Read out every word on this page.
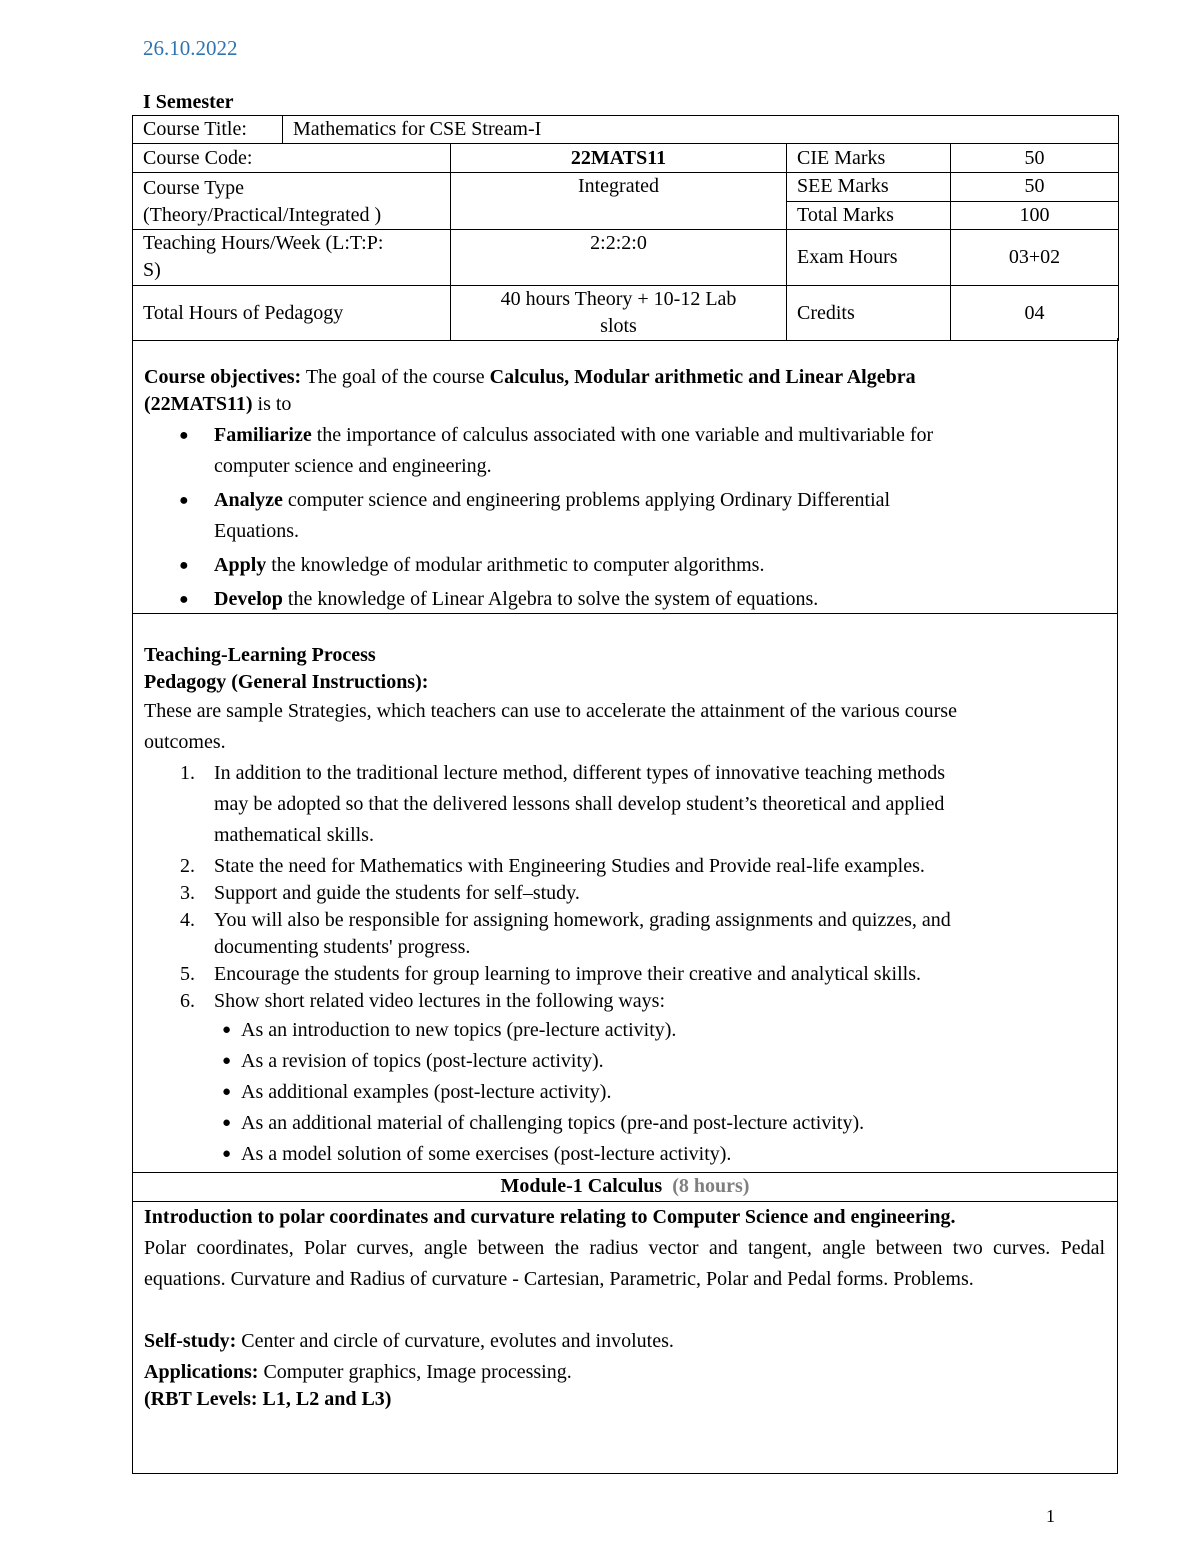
26.10.2022
I Semester
Course Title:	Mathematics for CSE Stream-I			
Course Code:		22MATS11	CIE Marks	50

Course Type
(Theory/Practical/Integrated )		Integrated	SEE Marks	50
			Total Marks	100

Teaching Hours/Week (L:T:P:
S)		2:2:2:0	Exam Hours	03+02
Total Hours of Pedagogy		40 hours Theory + 10-12 Lab
slots	Credits	04

Course objectives: The goal of the course Calculus, Modular arithmetic and Linear Algebra

(22MATS11) is to

● Familiarize the importance of calculus associated with one variable and multivariable for
computer science and engineering.
● Analyze computer science and engineering problems applying Ordinary Differential
Equations.
● Apply the knowledge of modular arithmetic to computer algorithms.
● Develop the knowledge of Linear Algebra to solve the system of equations.

Teaching-Learning Process

Pedagogy (General Instructions):

These are sample Strategies, which teachers can use to accelerate the attainment of the various course

outcomes.

1. In addition to the traditional lecture method, different types of innovative teaching methods
may be adopted so that the delivered lessons shall develop student’s theoretical and applied
mathematical skills.
2. State the need for Mathematics with Engineering Studies and Provide real-life examples.
3. Support and guide the students for self–study.
4. You will also be responsible for assigning homework, grading assignments and quizzes, and
documenting students' progress.
5. Encourage the students for group learning to improve their creative and analytical skills.
6. Show short related video lectures in the following ways:
● As an introduction to new topics (pre-lecture activity).
● As a revision of topics (post-lecture activity).
● As additional examples (post-lecture activity).
● As an additional material of challenging topics (pre-and post-lecture activity).
● As a model solution of some exercises (post-lecture activity).
Module-1 Calculus (8 hours)

Introduction to polar coordinates and curvature relating to Computer Science and engineering.

Polar coordinates, Polar curves, angle between the radius vector and tangent, angle between two curves. Pedal equations. Curvature and Radius of curvature - Cartesian, Parametric, Polar and Pedal forms. Problems.

Self-study: Center and circle of curvature, evolutes and involutes.

Applications: Computer graphics, Image processing.

(RBT Levels: L1, L2 and L3)

1
